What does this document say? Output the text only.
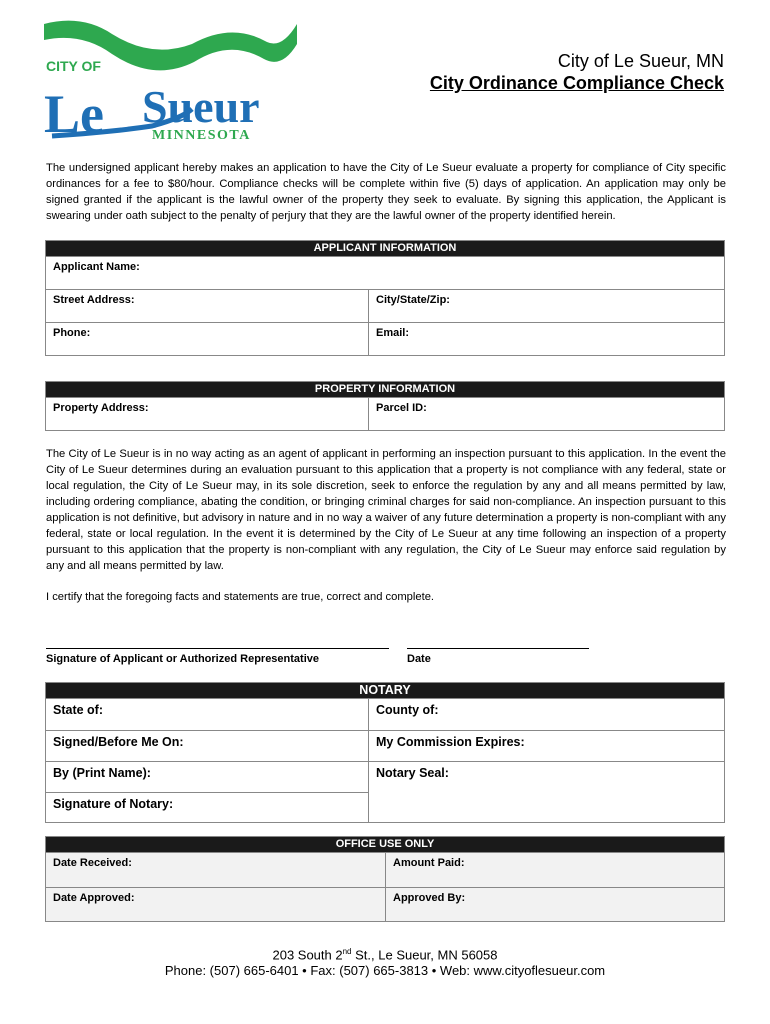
CITY OF
Le Sueur
MINNESOTA
City of Le Sueur, MN
City Ordinance Compliance Check
The undersigned applicant hereby makes an application to have the City of Le Sueur evaluate a property for compliance of City specific ordinances for a fee to $80/hour. Compliance checks will be complete within five (5) days of application. An application may only be signed granted if the applicant is the lawful owner of the property they seek to evaluate. By signing this application, the Applicant is swearing under oath subject to the penalty of perjury that they are the lawful owner of the property identified herein.
APPLICANT INFORMATION
Applicant Name:
Street Address:	City/State/Zip:
Phone:	Email:
PROPERTY INFORMATION
Property Address:	Parcel ID:
The City of Le Sueur is in no way acting as an agent of applicant in performing an inspection pursuant to this application. In the event the City of Le Sueur determines during an evaluation pursuant to this application that a property is not compliance with any federal, state or local regulation, the City of Le Sueur may, in its sole discretion, seek to enforce the regulation by any and all means permitted by law, including ordering compliance, abating the condition, or bringing criminal charges for said non-compliance. An inspection pursuant to this application is not definitive, but advisory in nature and in no way a waiver of any future determination a property is non-compliant with any federal, state or local regulation. In the event it is determined by the City of Le Sueur at any time following an inspection of a property pursuant to this application that the property is non-compliant with any regulation, the City of Le Sueur may enforce said regulation by any and all means permitted by law.
I certify that the foregoing facts and statements are true, correct and complete.
Signature of Applicant or Authorized Representative	Date
NOTARY
State of:	County of:
Signed/Before Me On:	My Commission Expires:
By (Print Name):
Signature of Notary:
Notary Seal:
OFFICE USE ONLY
Date Received:	Amount Paid:
Date Approved:	Approved By:
203 South 2nd St., Le Sueur, MN 56058
Phone: (507) 665-6401 • Fax: (507) 665-3813 • Web: www.cityoflesueur.com
